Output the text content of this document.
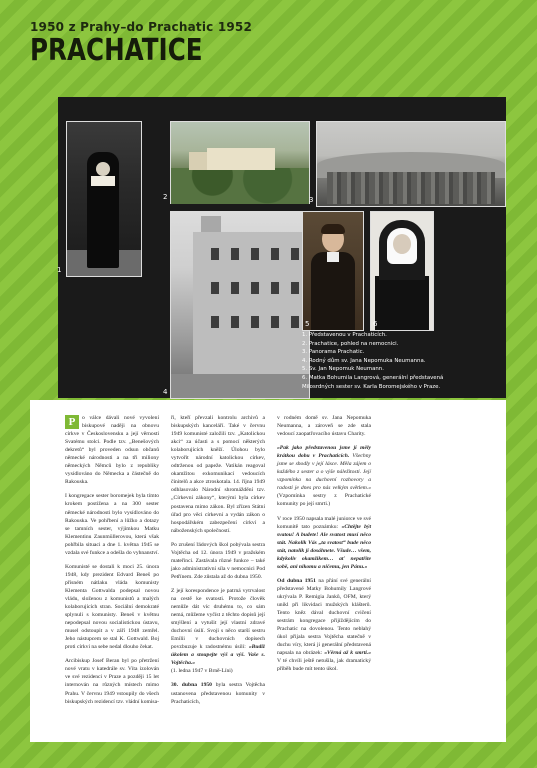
1950 z Prahy–do Prachatic 1952
PRACHATICE
1
2	3
4
5	6
1. Představenou v Prachaticích.
2. Prachatice, pohled na nemocnici.
3. Panorama Prachatic.
4. Rodný dům sv. Jana Nepomuka Neumanna.
5. Sv. Jan Nepomuk Neumann.
6. Matka Bohumila Langrová, generální představená
Milosrdných sester sv. Karla Boromejského v Praze.

P	o válce dávali nové vyvolení biskupové naději na obnovu církve v Československu a její věrnosti Svatému stolci. Podle tzv. „Benešových dekretů“ byl proveden odsun občanů německé národnosti a na tři miliony německých Němců bylo z republiky vysídlováno do Německa a částečně do Rakouska.

I kongregace sester boromejek byla tímto krokem postižena a na 300 sester německé národnosti bylo vysídlováno do Rakouska. Ve pohřbení a lůžko a dotazy se tamních sester, výjimkou Matku Klementinu Zaunmüllerovou, která však pohřbila situaci a dne 1. května 1945 se vzdala své funkce a odešla do vyhnanství.

Komunisté se dostali k moci 25. února 1948, kdy prezident Edvard Beneš po přísném nátlaku vláda komunisty Klementa Gottwalda podepsal novou vládu, složenou z komunistů a malých kolaborujících stran. Sociální demokraté splynuli s komunisty. Beneš v květnu nepodepsal novou socialistickou ústavu, musel odstoupit a v září 1948 zemřel. Jeho nástupcem se stal K. Gottwald. Boj proti církvi na sebe nedal dlouho čekat.

Arcibiskup Josef Beran byl po přetržení nové vratu v katedrále sv. Víta izolován ve své rezidenci v Praze a později 15 let internován na různých místech mimo Prahu. V červnu 1949 vstoupily do všech biskupských rezidencí tzv. vládní komisa-

ři, kteří převzali kontrolu archivů a biskupských kanceláří. Také v červnu 1949 komunisté založili tzv. „Katolickou akci“ za účasti a s pomocí některých kolaborujících kněží. Úlohou bylo vytvořit národní katolickou církev, odtrženou od papeže. Vatikán reagoval okamžitou exkomunikací vedoucích činitelů a akce ztroskotala. 14. října 1949 odhlasovalo Národní shromáždění tzv. „Církevní zákony“, kterými byla církev postavena mimo zákon. Byl zřízen Státní úřad pro věci církevní a vydán zákon o hospodářském zabezpečení církví a náboženských společností.

Po zrušení řádových škol pobývala sestra Vojtěcha od 12. února 1949 v pražském mateřinci. Zastávala různé funkce – také jako administrativní síla v nemocnici Pod Petřínem. Zde zůstala až do dubna 1950.

Z její korespondence je patrná vytrvalost na cestě ke svatosti. Protože člověk nemůže dát víc druhému to, co sám nemá, můžeme vyčíst z těchto dopisů její smýšlení a vytušit její vlastní zdravé duchovní úsilí. Svoji s něco starší sestru Emílii v duchovních dopisech povzbuzuje k radostnému úsilí: «Budiž úkolem a stoupejte výš a výš. Vaše s. Vojtěcha.»
(1. ledna 1947 v Brně-Líni)

30. dubna 1950 byla sestra Vojtěcha ustanovena představenou komunity v Prachaticích,

v rodném domě sv. Jana Nepomuka Neumanna, a zároveň se zde stala vedoucí zaopatřovacího ústavu Charity.

«Pak jako představenou jsme jí měly krátkou dobu v Prachaticích. Všechny jsme se shodly v její lásce. Měla zájem o každého z sester a o výše náležitosti. Její vzpomínka na duchovní rozhovory a radosti je dnes pro nás velkým světlem.» (Vzpomínka sestry z Prachatické komunity po její smrti.)

V roce 1950 napsala malé juniorce ve své komunitě tato poznámku: «Chtějte být svatou! A budete! Ale svatost musí něco stát. Nakolik Vás „ta svatost“ bude něco stát, natolik jí dosáhnete. Všude… všem, kdykoliv okamžikem… ať nepatříte sobě, ani nikomu a ničemu, jen Pánu.»

Od dubna 1951 na přání své generální představené Matky Bohumily Langrové ukrývala P. Remigia Janků, OFM, který unikl při likvidaci mužských klášterů. Tento kněz dával duchovní cvičení sestrám kongregace přijíždějícím do Prachatic na dovolenou. Tento neblahý úkol přijala sestra Vojtěcha statečně v duchu víry, která ji generální představená napsala na obrázek: «Věrná až k smrti.» V té chvíli ještě netušila, jak dramatický příběh bude mít tento úkol.
